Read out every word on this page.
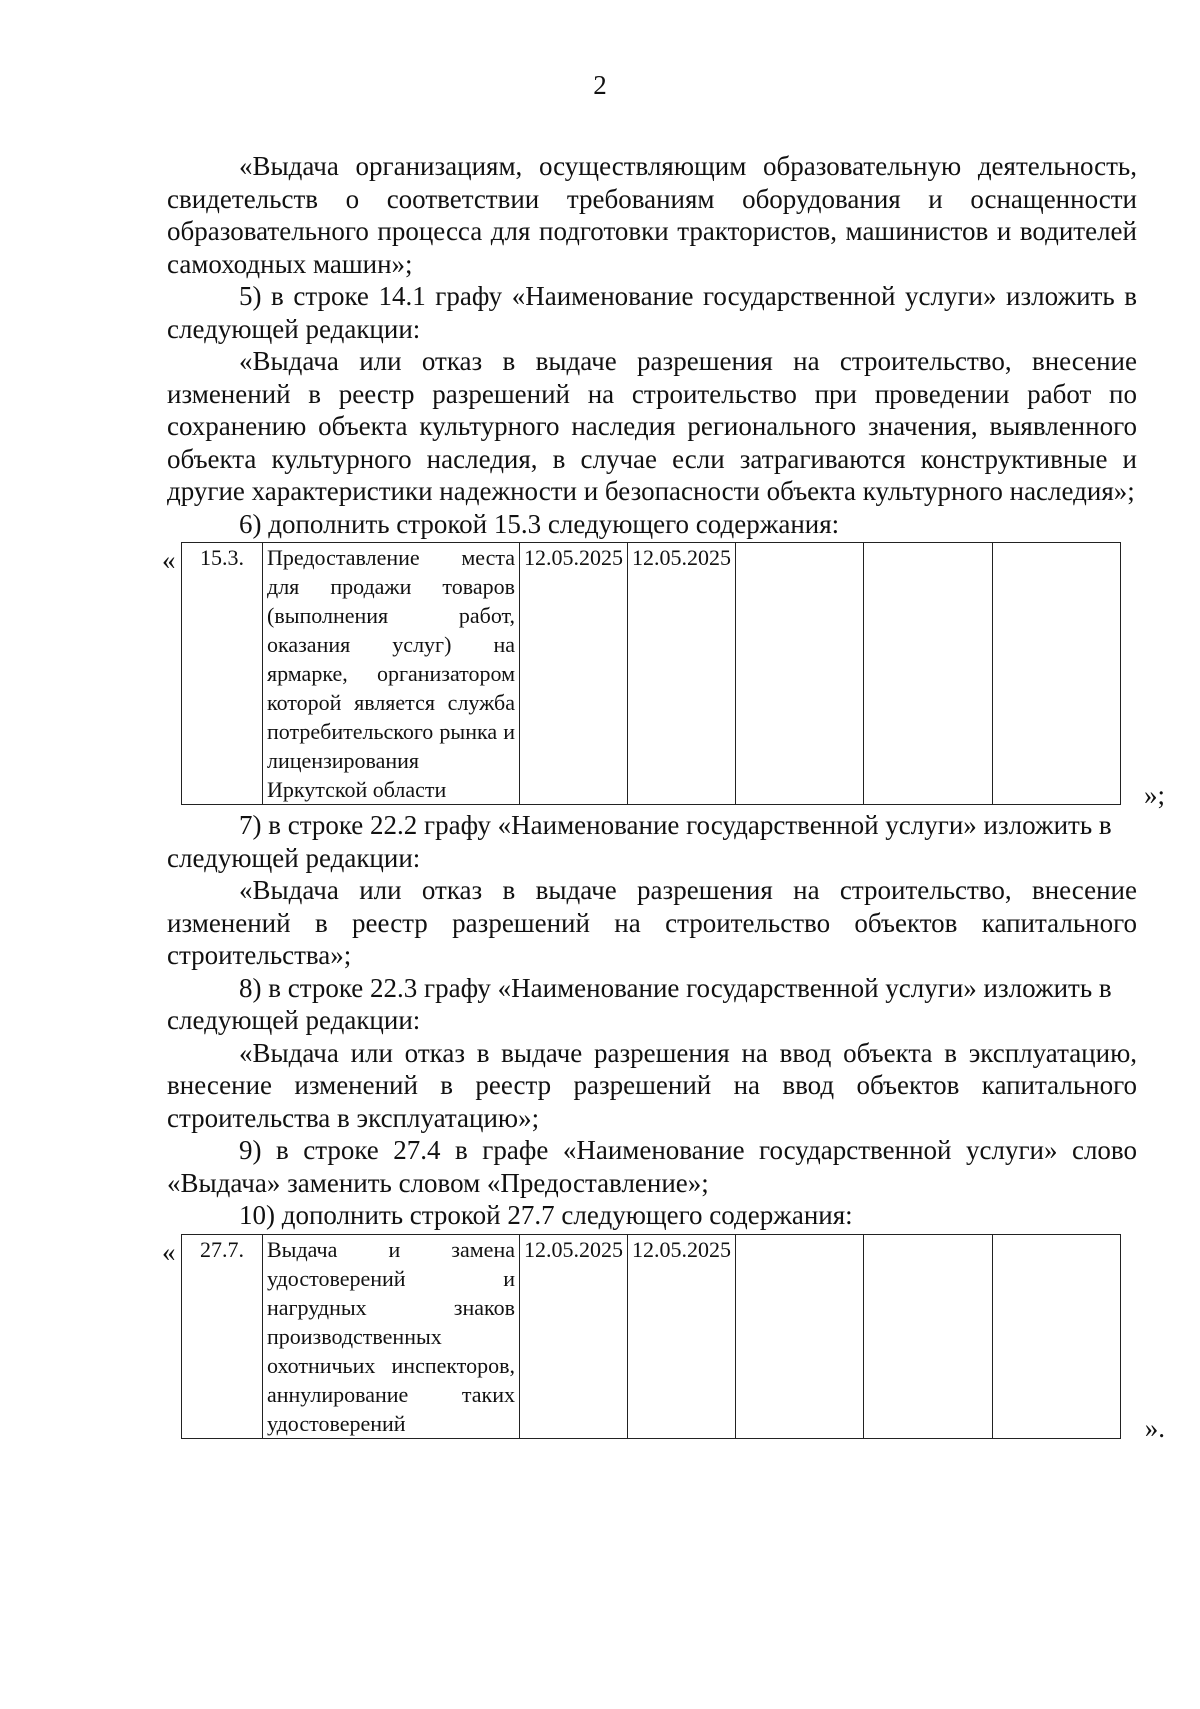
2

«Выдача организациям, осуществляющим образовательную деятельность, свидетельств о соответствии требованиям оборудования и оснащенности образовательного процесса для подготовки трактористов, машинистов и водителей самоходных машин»;

5) в строке 14.1 графу «Наименование государственной услуги» изложить в следующей редакции:

«Выдача или отказ в выдаче разрешения на строительство, внесение изменений в реестр разрешений на строительство при проведении работ по сохранению объекта культурного наследия регионального значения, выявленного объекта культурного наследия, в случае если затрагиваются конструктивные и другие характеристики надежности и безопасности объекта культурного наследия»;

6) дополнить строкой 15.3 следующего содержания:

« 15.3.	Предоставление места для продажи товаров (выполнения работ, оказания услуг) на ярмарке, организатором которой является служба потребительского рынка и лицензирования Иркутской области	12.05.2025	12.05.2025			
»;

7) в строке 22.2 графу «Наименование государственной услуги» изложить в следующей редакции:

«Выдача или отказ в выдаче разрешения на строительство, внесение изменений в реестр разрешений на строительство объектов капитального строительства»;

8) в строке 22.3 графу «Наименование государственной услуги» изложить в следующей редакции:

«Выдача или отказ в выдаче разрешения на ввод объекта в эксплуатацию, внесение изменений в реестр разрешений на ввод объектов капитального строительства в эксплуатацию»;

9) в строке 27.4 в графе «Наименование государственной услуги» слово «Выдача» заменить словом «Предоставление»;

10) дополнить строкой 27.7 следующего содержания:

« 27.7.	Выдача и замена удостоверений и нагрудных знаков производственных охотничьих инспекторов, аннулирование таких удостоверений	12.05.2025	12.05.2025			
».
